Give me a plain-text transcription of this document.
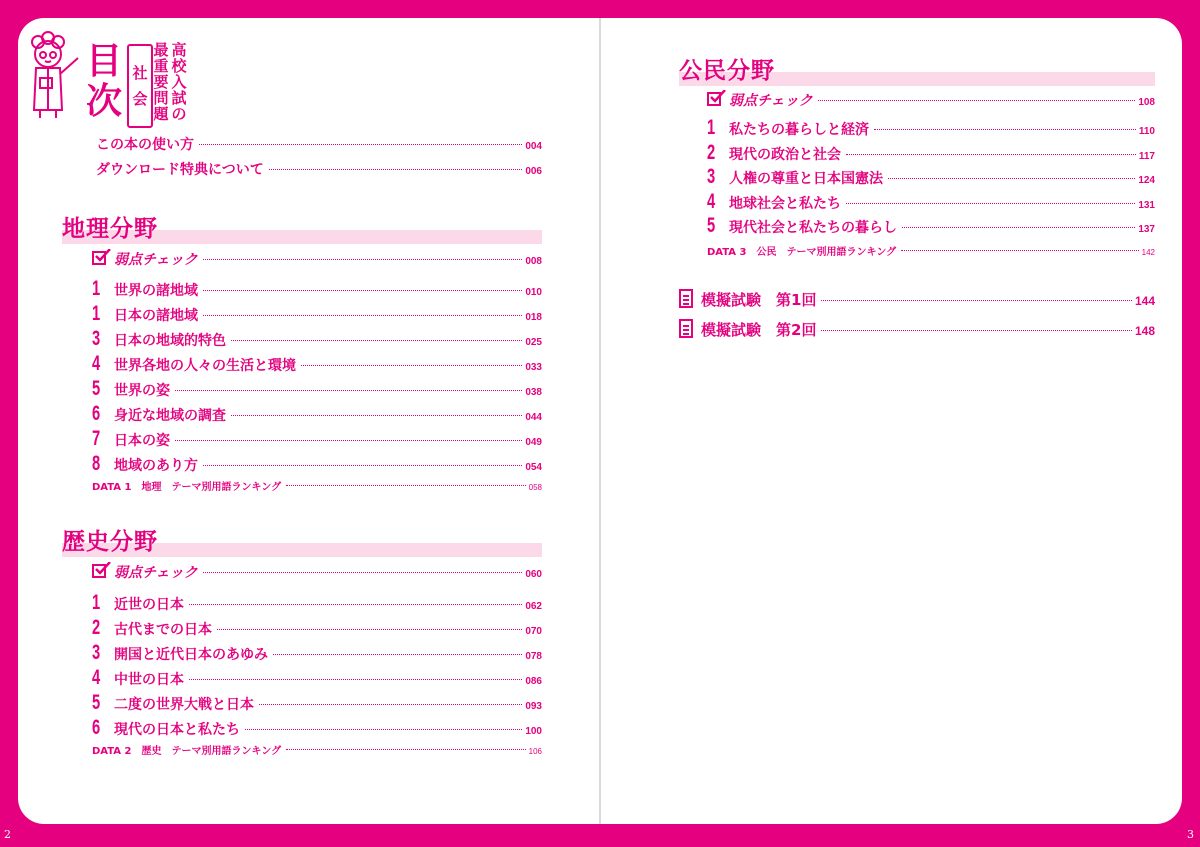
目
次
社
会
高校入試の
最重要問題
この本の使い方	004
ダウンロード特典について	006
地理分野
弱点チェック	008
1 世界の諸地域	010
1 日本の諸地域	018
3 日本の地域的特色	025
4 世界各地の人々の生活と環境	033
5 世界の姿	038
6 身近な地域の調査	044
7 日本の姿	049
8 地域のあり方	054
DATA 1　地理　テーマ別用語ランキング	058
歴史分野
弱点チェック	060
1 近世の日本	062
2 古代までの日本	070
3 開国と近代日本のあゆみ	078
4 中世の日本	086
5 二度の世界大戦と日本	093
6 現代の日本と私たち	100
DATA 2　歴史　テーマ別用語ランキング	106
公民分野
弱点チェック	108
1 私たちの暮らしと経済	110
2 現代の政治と社会	117
3 人権の尊重と日本国憲法	124
4 地球社会と私たち	131
5 現代社会と私たちの暮らし	137
DATA 3　公民　テーマ別用語ランキング	142
模擬試験　第1回	144
模擬試験　第2回	148
2	3
